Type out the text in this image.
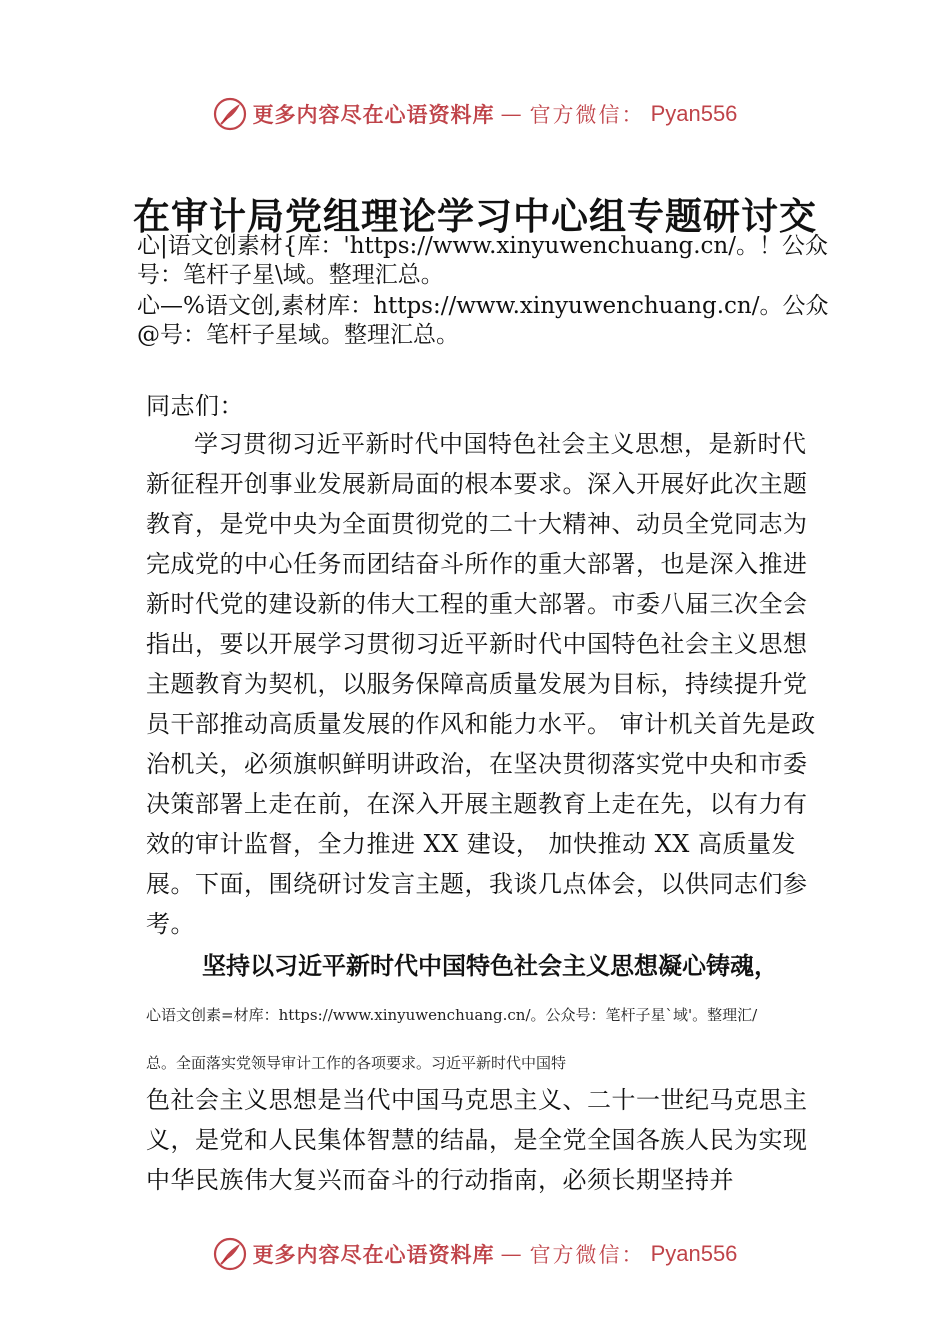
更多内容尽在心语资料库 — 官方微信： Pyan556
在审计局党组理论学习中心组专题研讨交
心|语文创素材{库：'https://www.xinyuwenchuang.cn/。！公众号：笔杆子星\域。整理汇总。
心—%语文创,素材库：https://www.xinyuwenchuang.cn/。公众@号：笔杆子星域。整理汇总。
同志们：
学习贯彻习近平新时代中国特色社会主义思想，是新时代新征程开创事业发展新局面的根本要求。深入开展好此次主题教育，是党中央为全面贯彻党的二十大精神、动员全党同志为完成党的中心任务而团结奋斗所作的重大部署，也是深入推进新时代党的建设新的伟大工程的重大部署。市委八届三次全会指出，要以开展学习贯彻习近平新时代中国特色社会主义思想主题教育为契机，以服务保障高质量发展为目标，持续提升党员干部推动高质量发展的作风和能力水平。 审计机关首先是政治机关，必须旗帜鲜明讲政治，在坚决贯彻落实党中央和市委决策部署上走在前，在深入开展主题教育上走在先，以有力有效的审计监督，全力推进 XX 建设， 加快推动 XX 高质量发展。下面，围绕研讨发言主题，我谈几点体会，以供同志们参考。
坚持以习近平新时代中国特色社会主义思想凝心铸魂，
心语文创素=材库：https://www.xinyuwenchuang.cn/。公众号：笔杆子星`域'。整理汇/
总。全面落实党领导审计工作的各项要求。习近平新时代中国特
色社会主义思想是当代中国马克思主义、二十一世纪马克思主义，是党和人民集体智慧的结晶，是全党全国各族人民为实现中华民族伟大复兴而奋斗的行动指南，必须长期坚持并
更多内容尽在心语资料库 — 官方微信： Pyan556
